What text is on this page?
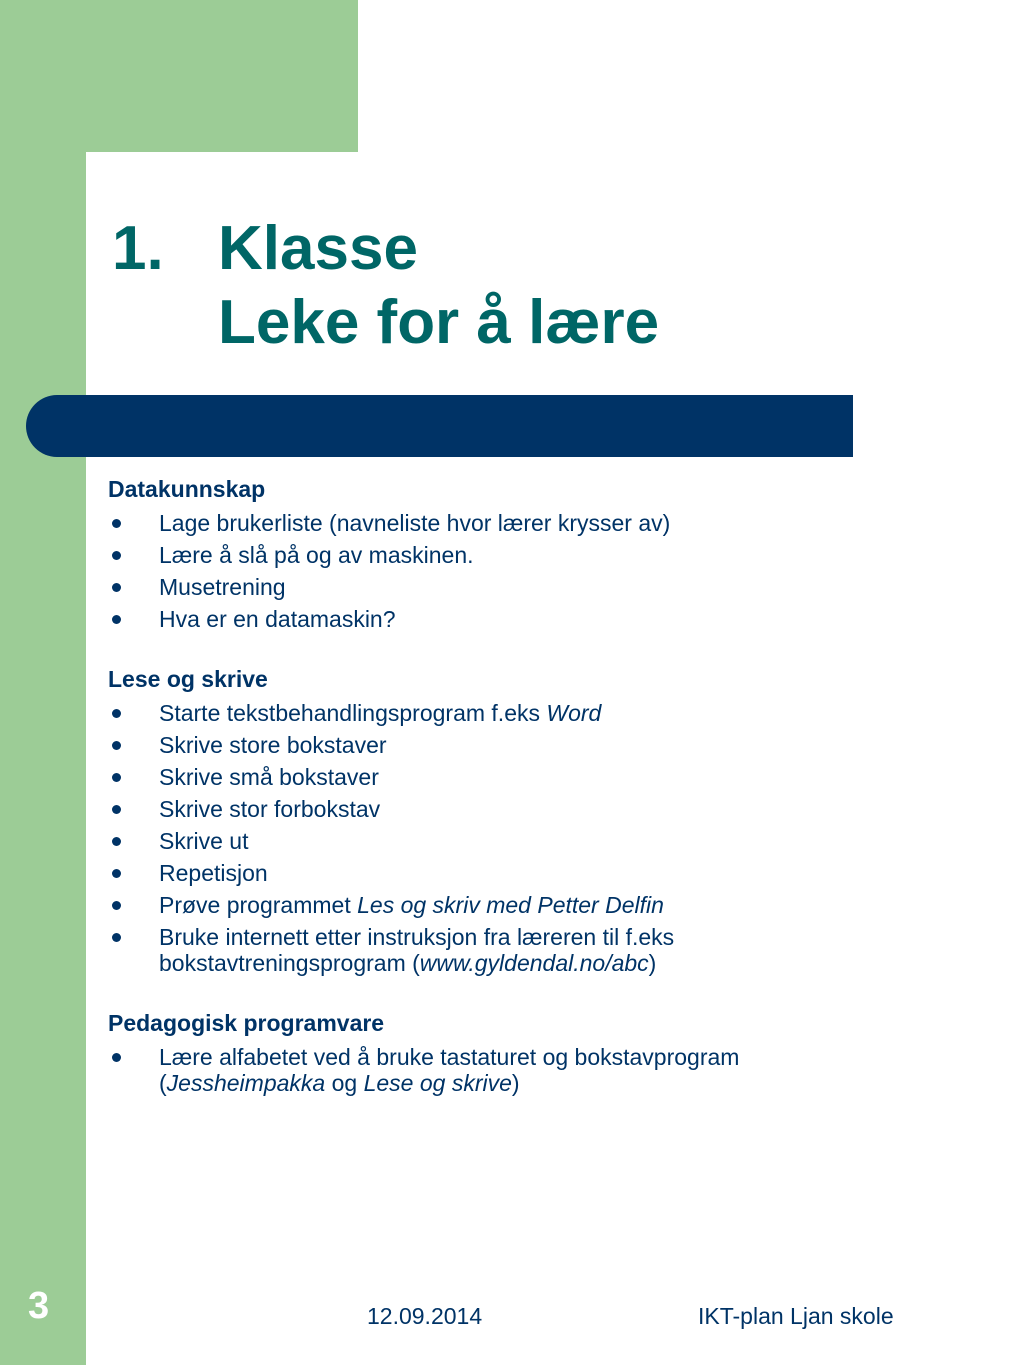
1. Klasse
Leke for å lære
Datakunnskap
Lage brukerliste (navneliste hvor lærer krysser av)
Lære å slå på og av maskinen.
Musetrening
Hva er en datamaskin?
Lese og skrive
Starte tekstbehandlingsprogram f.eks Word
Skrive store bokstaver
Skrive små bokstaver
Skrive stor forbokstav
Skrive ut
Repetisjon
Prøve programmet Les og skriv med Petter Delfin
Bruke internett etter instruksjon fra læreren til f.eks bokstavtreningsprogram (www.gyldendal.no/abc)
Pedagogisk programvare
Lære alfabetet ved å bruke tastaturet og bokstavprogram (Jessheimpakka og Lese og skrive)
3	12.09.2014	IKT-plan Ljan skole
